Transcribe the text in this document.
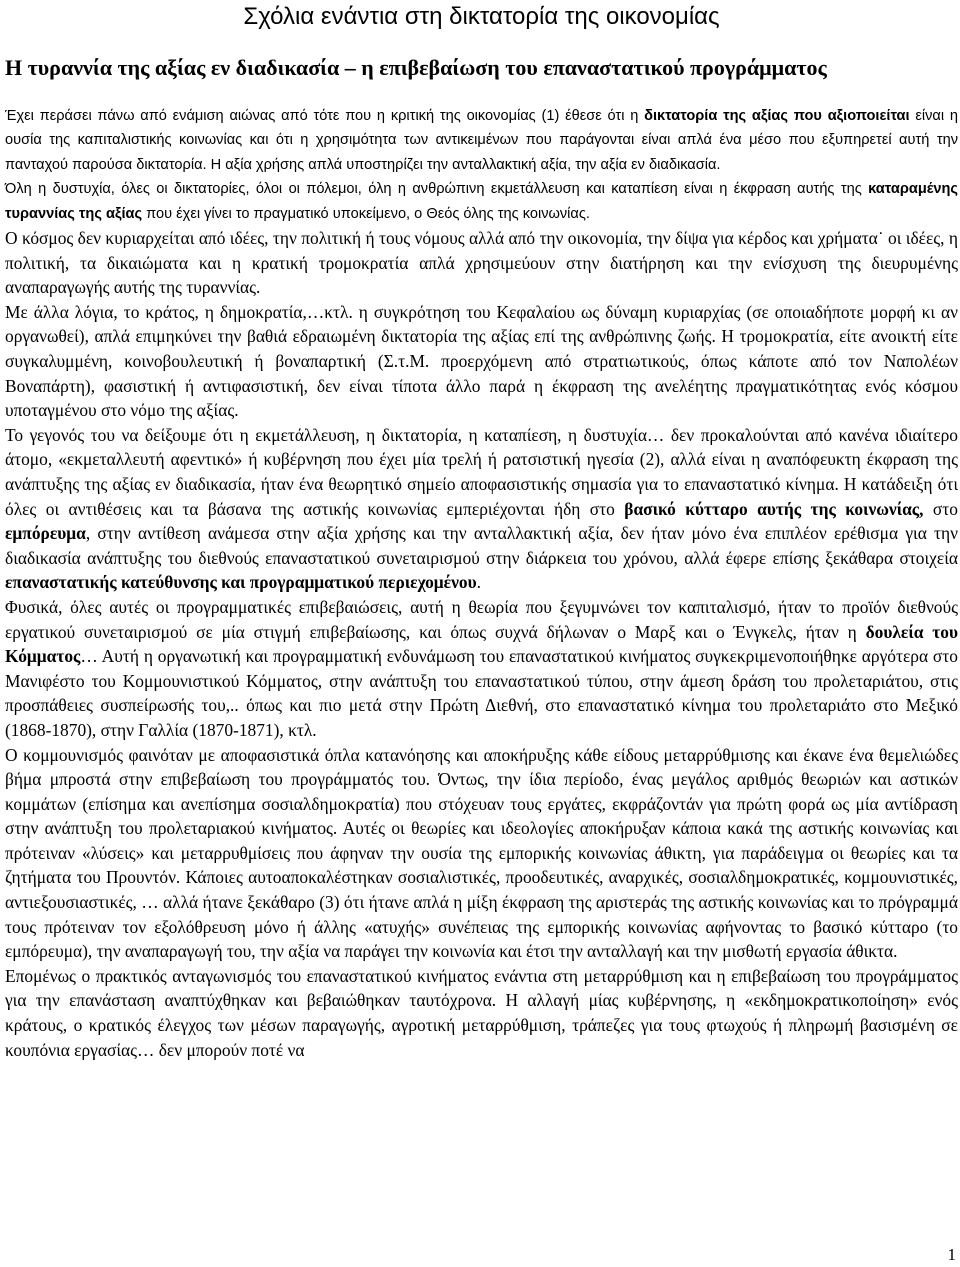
Σχόλια ενάντια στη δικτατορία της οικονομίας
Η τυραννία της αξίας εν διαδικασία – η επιβεβαίωση του επαναστατικού προγράμματος

Έχει περάσει πάνω από ενάμιση αιώνας από τότε που η κριτική της οικονομίας (1) έθεσε ότι η δικτατορία της αξίας που αξιοποιείται είναι η ουσία της καπιταλιστικής κοινωνίας και ότι η χρησιμότητα των αντικειμένων που παράγονται είναι απλά ένα μέσο που εξυπηρετεί αυτή την πανταχού παρούσα δικτατορία. Η αξία χρήσης απλά υποστηρίζει την ανταλλακτική αξία, την αξία εν διαδικασία.

Όλη η δυστυχία, όλες οι δικτατορίες, όλοι οι πόλεμοι, όλη η ανθρώπινη εκμετάλλευση και καταπίεση είναι η έκφραση αυτής της καταραμένης τυραννίας της αξίας που έχει γίνει το πραγματικό υποκείμενο, ο Θεός όλης της κοινωνίας.

Ο κόσμος δεν κυριαρχείται από ιδέες, την πολιτική ή τους νόμους αλλά από την οικονομία, την δίψα για κέρδος και χρήματα˙ οι ιδέες, η πολιτική, τα δικαιώματα και η κρατική τρομοκρατία απλά χρησιμεύουν στην διατήρηση και την ενίσχυση της διευρυμένης αναπαραγωγής αυτής της τυραννίας.

Με άλλα λόγια, το κράτος, η δημοκρατία,…κτλ. η συγκρότηση του Κεφαλαίου ως δύναμη κυριαρχίας (σε οποιαδήποτε μορφή κι αν οργανωθεί), απλά επιμηκύνει την βαθιά εδραιωμένη δικτατορία της αξίας επί της ανθρώπινης ζωής. Η τρομοκρατία, είτε ανοικτή είτε συγκαλυμμένη, κοινοβουλευτική ή βοναπαρτική (Σ.τ.Μ. προερχόμενη από στρατιωτικούς, όπως κάποτε από τον Ναπολέων Βοναπάρτη), φασιστική ή αντιφασιστική, δεν είναι τίποτα άλλο παρά η έκφραση της ανελέητης πραγματικότητας ενός κόσμου υποταγμένου στο νόμο της αξίας.

Το γεγονός του να δείξουμε ότι η εκμετάλλευση, η δικτατορία, η καταπίεση, η δυστυχία… δεν προκαλούνται από κανένα ιδιαίτερο άτομο, «εκμεταλλευτή αφεντικό» ή κυβέρνηση που έχει μία τρελή ή ρατσιστική ηγεσία (2), αλλά είναι η αναπόφευκτη έκφραση της ανάπτυξης της αξίας εν διαδικασία, ήταν ένα θεωρητικό σημείο αποφασιστικής σημασία για το επαναστατικό κίνημα. Η κατάδειξη ότι όλες οι αντιθέσεις και τα βάσανα της αστικής κοινωνίας εμπεριέχονται ήδη στο βασικό κύτταρο αυτής της κοινωνίας, στο εμπόρευμα, στην αντίθεση ανάμεσα στην αξία χρήσης και την ανταλλακτική αξία, δεν ήταν μόνο ένα επιπλέον ερέθισμα για την διαδικασία ανάπτυξης του διεθνούς επαναστατικού συνεταιρισμού στην διάρκεια του χρόνου, αλλά έφερε επίσης ξεκάθαρα στοιχεία επαναστατικής κατεύθυνσης και προγραμματικού περιεχομένου.

Φυσικά, όλες αυτές οι προγραμματικές επιβεβαιώσεις, αυτή η θεωρία που ξεγυμνώνει τον καπιταλισμό, ήταν το προϊόν διεθνούς εργατικού συνεταιρισμού σε μία στιγμή επιβεβαίωσης, και όπως συχνά δήλωναν ο Μαρξ και ο Ένγκελς, ήταν η δουλεία του Κόμματος… Αυτή η οργανωτική και προγραμματική ενδυνάμωση του επαναστατικού κινήματος συγκεκριμενοποιήθηκε αργότερα στο Μανιφέστο του Κομμουνιστικού Κόμματος, στην ανάπτυξη του επαναστατικού τύπου, στην άμεση δράση του προλεταριάτου, στις προσπάθειες συσπείρωσής του,.. όπως και πιο μετά στην Πρώτη Διεθνή, στο επαναστατικό κίνημα του προλεταριάτο στο Μεξικό (1868-1870), στην Γαλλία (1870-1871), κτλ.

Ο κομμουνισμός φαινόταν με αποφασιστικά όπλα κατανόησης και αποκήρυξης κάθε είδους μεταρρύθμισης και έκανε ένα θεμελιώδες βήμα μπροστά στην επιβεβαίωση του προγράμματός του. Όντως, την ίδια περίοδο, ένας μεγάλος αριθμός θεωριών και αστικών κομμάτων (επίσημα και ανεπίσημα σοσιαλδημοκρατία) που στόχευαν τους εργάτες, εκφράζοντάν για πρώτη φορά ως μία αντίδραση στην ανάπτυξη του προλεταριακού κινήματος. Αυτές οι θεωρίες και ιδεολογίες αποκήρυξαν κάποια κακά της αστικής κοινωνίας και πρότειναν «λύσεις» και μεταρρυθμίσεις που άφηναν την ουσία της εμπορικής κοινωνίας άθικτη, για παράδειγμα οι θεωρίες και τα ζητήματα του Προυντόν. Κάποιες αυτοαποκαλέστηκαν σοσιαλιστικές, προοδευτικές, αναρχικές, σοσιαλδημοκρατικές, κομμουνιστικές, αντιεξουσιαστικές, … αλλά ήτανε ξεκάθαρο (3) ότι ήτανε απλά η μίξη έκφραση της αριστεράς της αστικής κοινωνίας και το πρόγραμμά τους πρότειναν τον εξολόθρευση μόνο ή άλλης «ατυχής» συνέπειας της εμπορικής κοινωνίας αφήνοντας το βασικό κύτταρο (το εμπόρευμα), την αναπαραγωγή του, την αξία να παράγει την κοινωνία και έτσι την ανταλλαγή και την μισθωτή εργασία άθικτα.

Επομένως ο πρακτικός ανταγωνισμός του επαναστατικού κινήματος ενάντια στη μεταρρύθμιση και η επιβεβαίωση του προγράμματος για την επανάσταση αναπτύχθηκαν και βεβαιώθηκαν ταυτόχρονα. Η αλλαγή μίας κυβέρνησης, η «εκδημοκρατικοποίηση» ενός κράτους, ο κρατικός έλεγχος των μέσων παραγωγής, αγροτική μεταρρύθμιση, τράπεζες για τους φτωχούς ή πληρωμή βασισμένη σε κουπόνια εργασίας… δεν μπορούν ποτέ να

1
